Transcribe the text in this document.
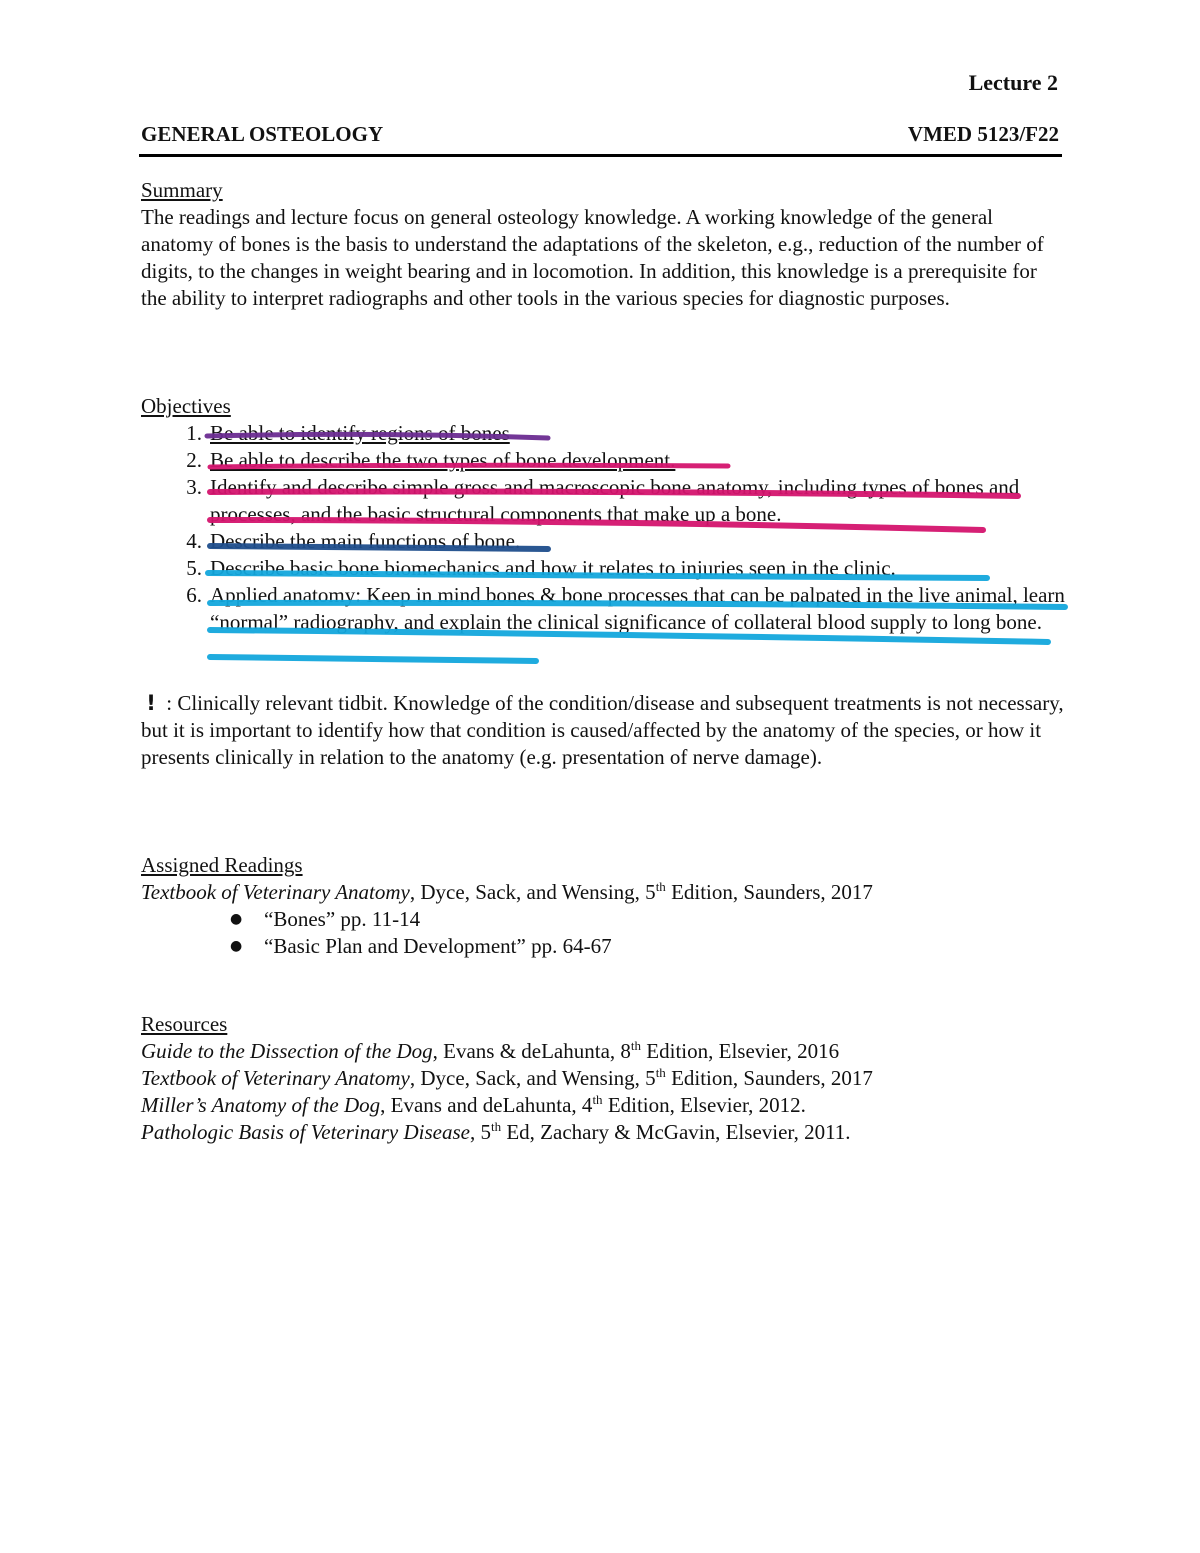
Lecture 2
GENERAL OSTEOLOGY	VMED 5123/F22
Summary

The readings and lecture focus on general osteology knowledge. A working knowledge of the general anatomy of bones is the basis to understand the adaptations of the skeleton, e.g., reduction of the number of digits, to the changes in weight bearing and in locomotion. In addition, this knowledge is a prerequisite for the ability to interpret radiographs and other tools in the various species for diagnostic purposes.

Objectives
1. Be able to identify regions of bones
2. Be able to describe the two types of bone development.
3. Identify and describe simple gross and macroscopic bone anatomy, including types of bones and processes, and the basic structural components that make up a bone.
4. Describe the main functions of bone.
5. Describe basic bone biomechanics and how it relates to injuries seen in the clinic.
6. Applied anatomy: Keep in mind bones & bone processes that can be palpated in the live animal, learn “normal” radiography, and explain the clinical significance of collateral blood supply to long bone.
! : Clinically relevant tidbit. Knowledge of the condition/disease and subsequent treatments is not necessary, but it is important to identify how that condition is caused/affected by the anatomy of the species, or how it presents clinically in relation to the anatomy (e.g. presentation of nerve damage).
Assigned Readings
Textbook of Veterinary Anatomy, Dyce, Sack, and Wensing, 5th Edition, Saunders, 2017
● “Bones” pp. 11-14
● “Basic Plan and Development” pp. 64-67
Resources
Guide to the Dissection of the Dog, Evans & deLahunta, 8th Edition, Elsevier, 2016
Textbook of Veterinary Anatomy, Dyce, Sack, and Wensing, 5th Edition, Saunders, 2017
Miller’s Anatomy of the Dog, Evans and deLahunta, 4th Edition, Elsevier, 2012.
Pathologic Basis of Veterinary Disease, 5th Ed, Zachary & McGavin, Elsevier, 2011.
